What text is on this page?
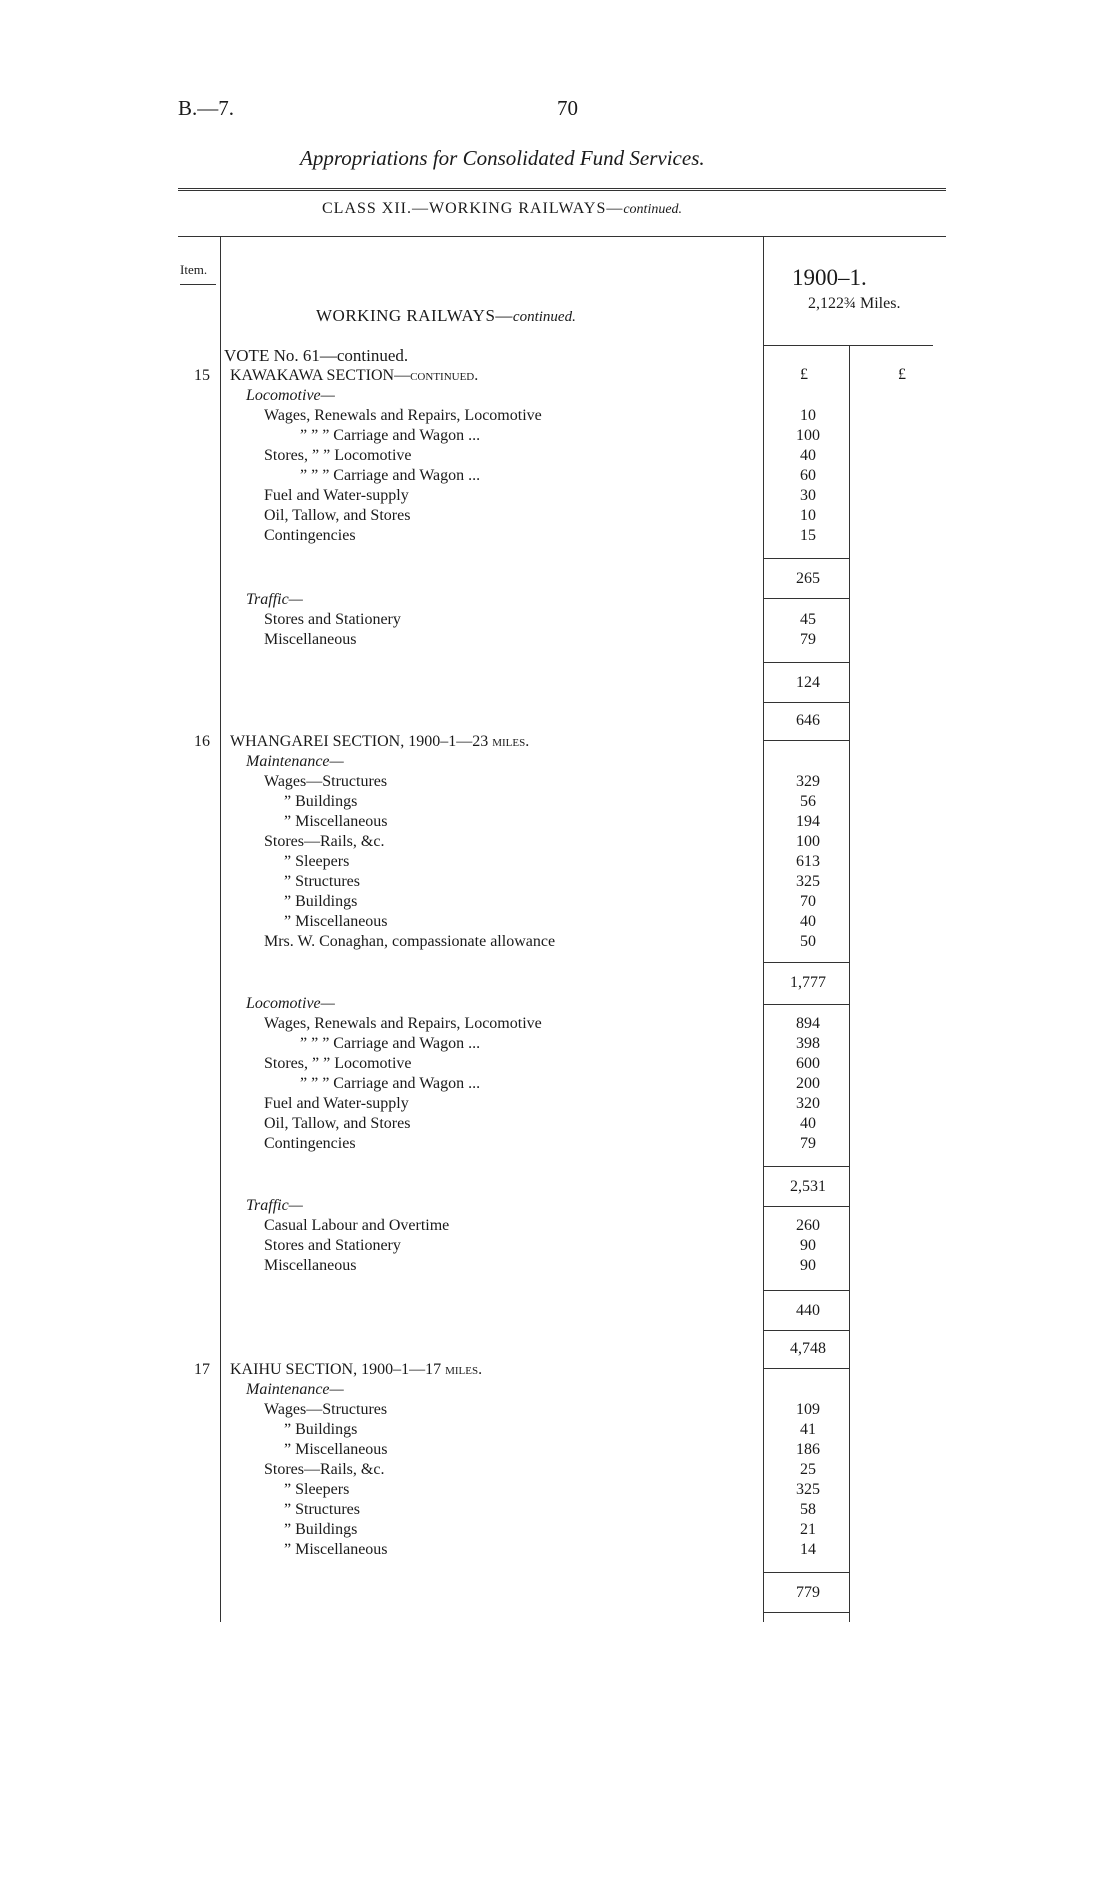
B.—7.	70
Appropriations for Consolidated Fund Services.
CLASS XII.—WORKING RAILWAYS—continued.
Item.	1900–1.
2,122¾ Miles.
WORKING RAILWAYS—continued.
VOTE No. 61—continued.
£	£
15 KAWAKAWA SECTION—continued.
Locomotive—
Wages, Renewals and Repairs, Locomotive	10
” ” ” Carriage and Wagon ...	100
Stores, ” ” Locomotive	40
” ” ” Carriage and Wagon ...	60
Fuel and Water-supply	30
Oil, Tallow, and Stores	10
Contingencies	15
265
Traffic—
Stores and Stationery	45
Miscellaneous	79
124
646
16 WHANGAREI SECTION, 1900–1—23 miles.
Maintenance—
Wages—Structures	329
” Buildings	56
” Miscellaneous	194
Stores—Rails, &c.	100
” Sleepers	613
” Structures	325
” Buildings	70
” Miscellaneous	40
Mrs. W. Conaghan, compassionate allowance	50
1,777
Locomotive—
Wages, Renewals and Repairs, Locomotive	894
” ” ” Carriage and Wagon ...	398
Stores, ” ” Locomotive	600
” ” ” Carriage and Wagon ...	200
Fuel and Water-supply	320
Oil, Tallow, and Stores	40
Contingencies	79
2,531
Traffic—
Casual Labour and Overtime	260
Stores and Stationery	90
Miscellaneous	90
440
4,748
17 KAIHU SECTION, 1900–1—17 miles.
Maintenance—
Wages—Structures	109
” Buildings	41
” Miscellaneous	186
Stores—Rails, &c.	25
” Sleepers	325
” Structures	58
” Buildings	21
” Miscellaneous	14
779
